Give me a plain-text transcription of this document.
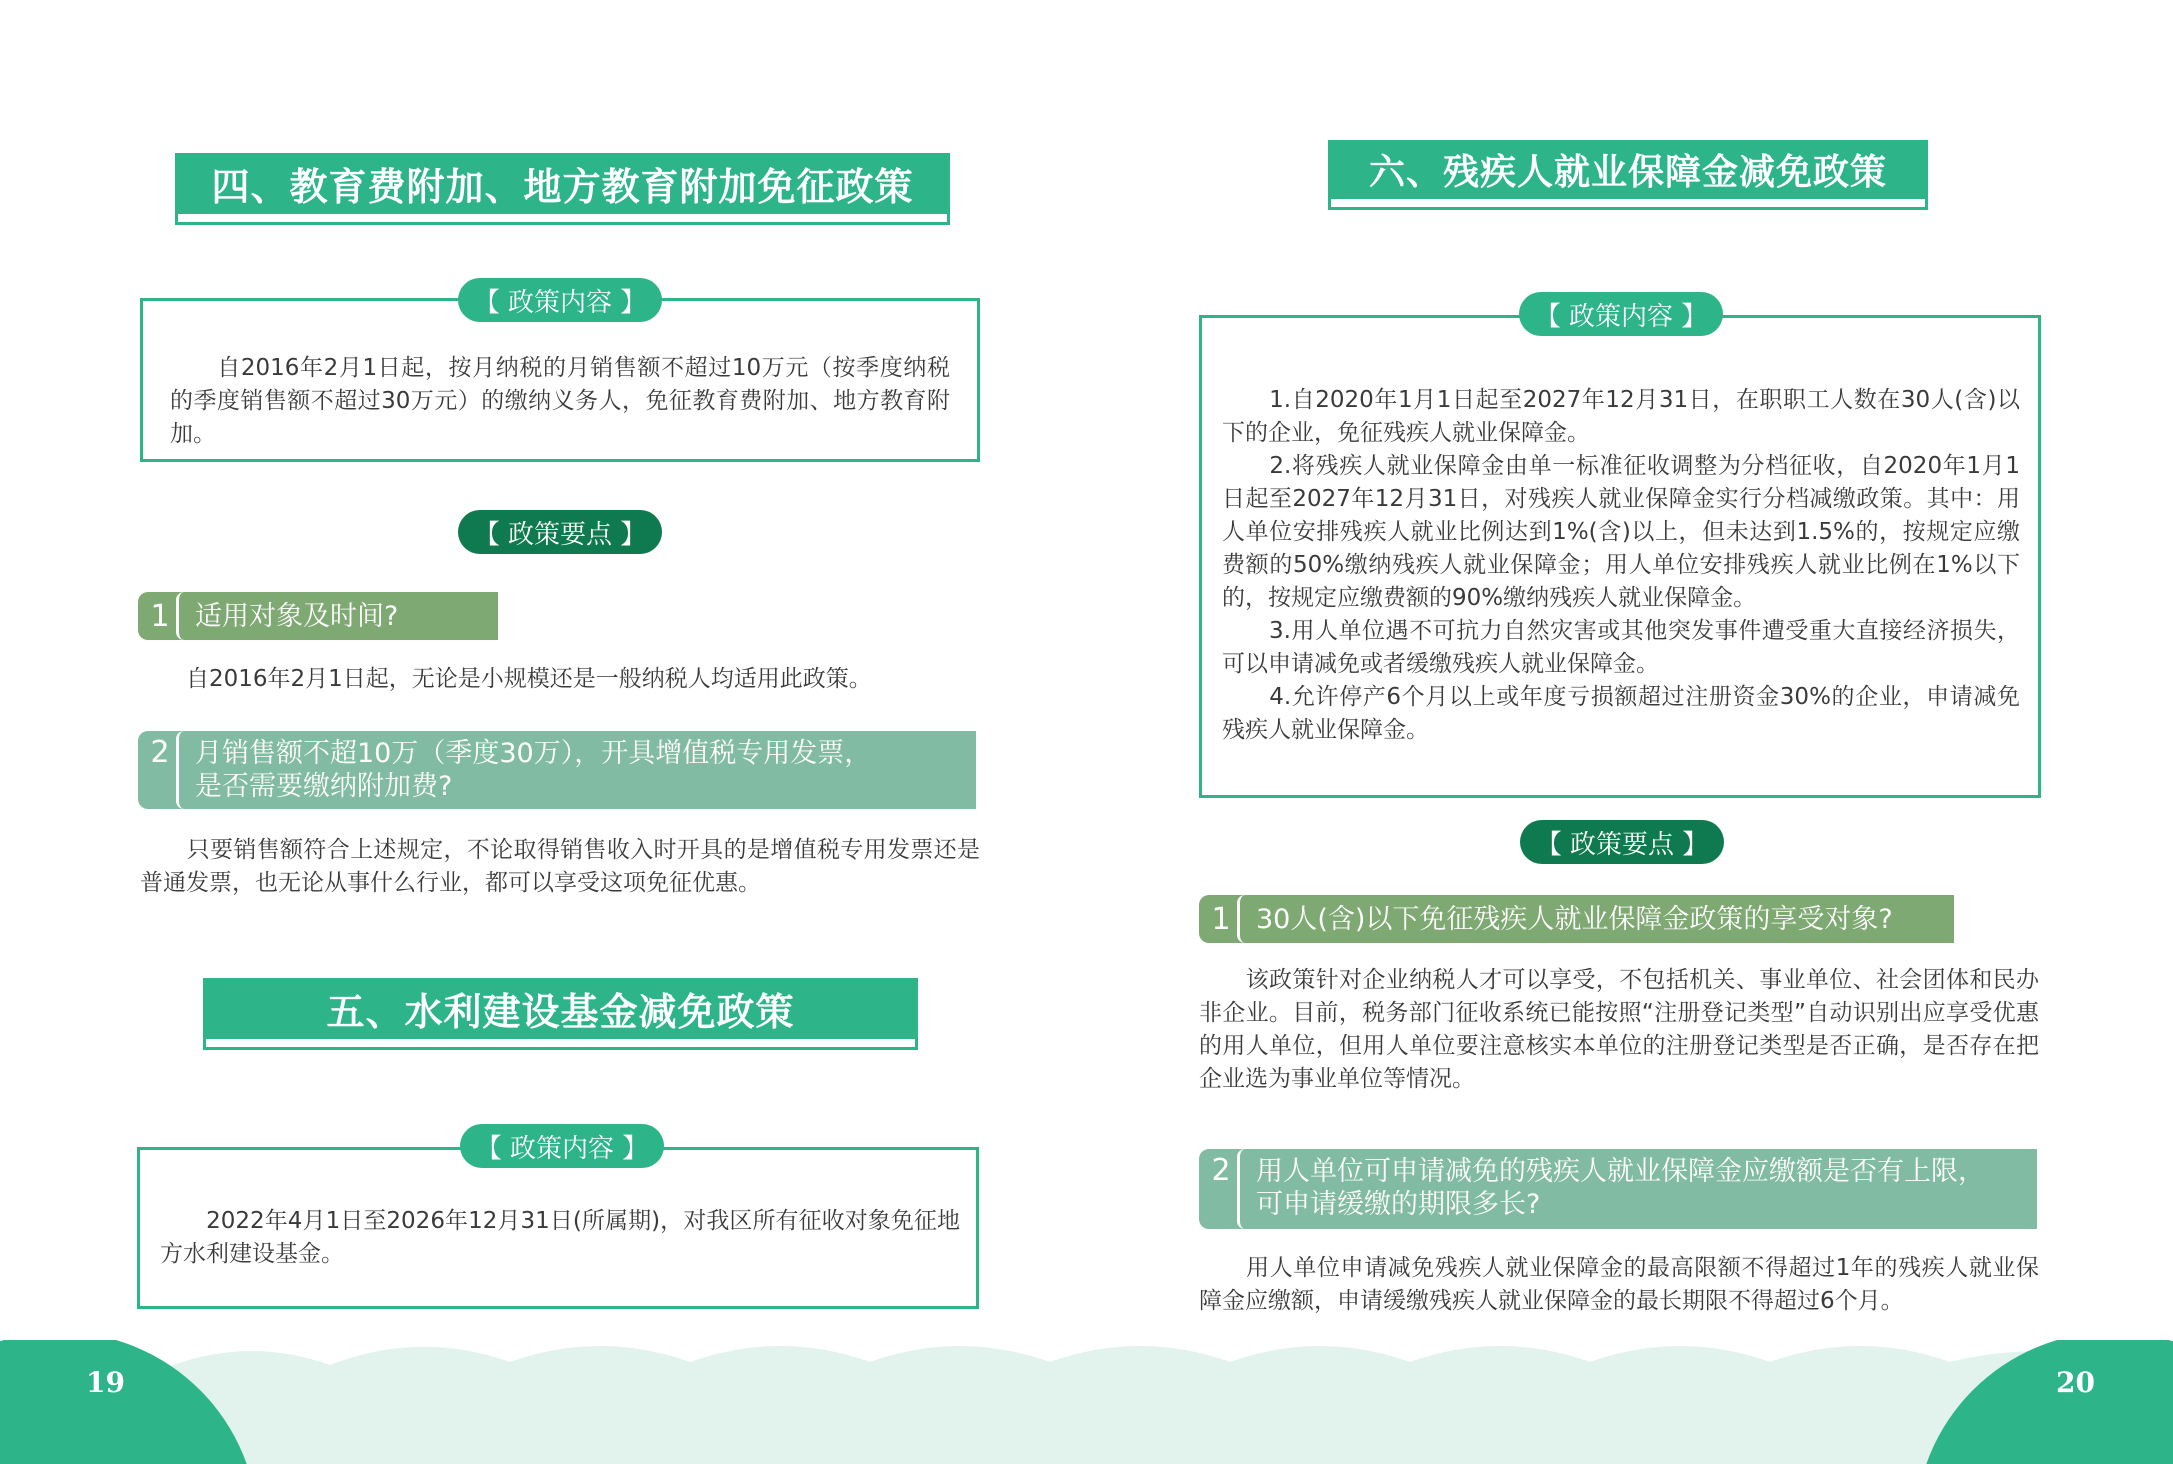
19	20
四、教育费附加、地方教育附加免征政策
【 政策内容 】
　　自2016年2月1日起，按月纳税的月销售额不超过10万元（按季度纳税的季度销售额不超过30万元）的缴纳义务人，免征教育费附加、地方教育附加。
【 政策要点 】
1 适用对象及时间?
　　自2016年2月1日起，无论是小规模还是一般纳税人均适用此政策。
2 月销售额不超10万（季度30万），开具增值税专用发票，
是否需要缴纳附加费?
　　只要销售额符合上述规定，不论取得销售收入时开具的是增值税专用发票还是普通发票，也无论从事什么行业，都可以享受这项免征优惠。
五、水利建设基金减免政策
【 政策内容 】
　　2022年4月1日至2026年12月31日(所属期)，对我区所有征收对象免征地方水利建设基金。
六、残疾人就业保障金减免政策
【 政策内容 】
　　1.自2020年1月1日起至2027年12月31日，在职职工人数在30人(含)以下的企业，免征残疾人就业保障金。
　　2.将残疾人就业保障金由单一标准征收调整为分档征收，自2020年1月1日起至2027年12月31日，对残疾人就业保障金实行分档减缴政策。其中：用人单位安排残疾人就业比例达到1%(含)以上，但未达到1.5%的，按规定应缴费额的50%缴纳残疾人就业保障金；用人单位安排残疾人就业比例在1%以下的，按规定应缴费额的90%缴纳残疾人就业保障金。
　　3.用人单位遇不可抗力自然灾害或其他突发事件遭受重大直接经济损失，可以申请减免或者缓缴残疾人就业保障金。
　　4.允许停产6个月以上或年度亏损额超过注册资金30%的企业，申请减免残疾人就业保障金。
【 政策要点 】
1 30人(含)以下免征残疾人就业保障金政策的享受对象?
　　该政策针对企业纳税人才可以享受，不包括机关、事业单位、社会团体和民办非企业。目前，税务部门征收系统已能按照“注册登记类型”自动识别出应享受优惠的用人单位，但用人单位要注意核实本单位的注册登记类型是否正确，是否存在把企业选为事业单位等情况。
2 用人单位可申请减免的残疾人就业保障金应缴额是否有上限，
可申请缓缴的期限多长?
　　用人单位申请减免残疾人就业保障金的最高限额不得超过1年的残疾人就业保障金应缴额，申请缓缴残疾人就业保障金的最长期限不得超过6个月。
